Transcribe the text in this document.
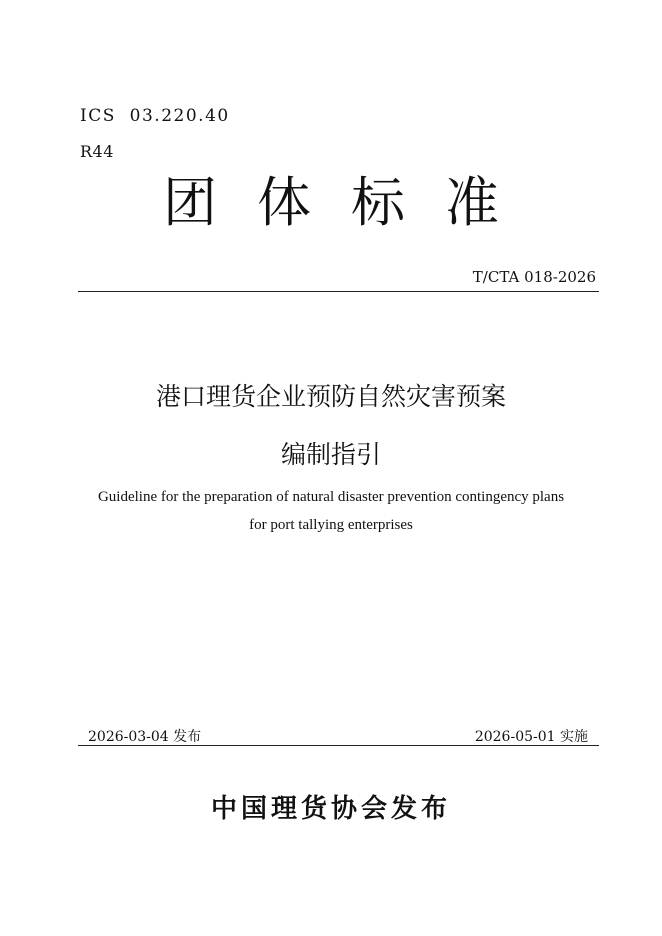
ICS  03.220.40
R44
团体标准
T/CTA 018-2026
港口理货企业预防自然灾害预案
编制指引
Guideline for the preparation of natural disaster prevention contingency plans
for port tallying enterprises
2026-03-04 发布	2026-05-01 实施
中国理货协会发布
